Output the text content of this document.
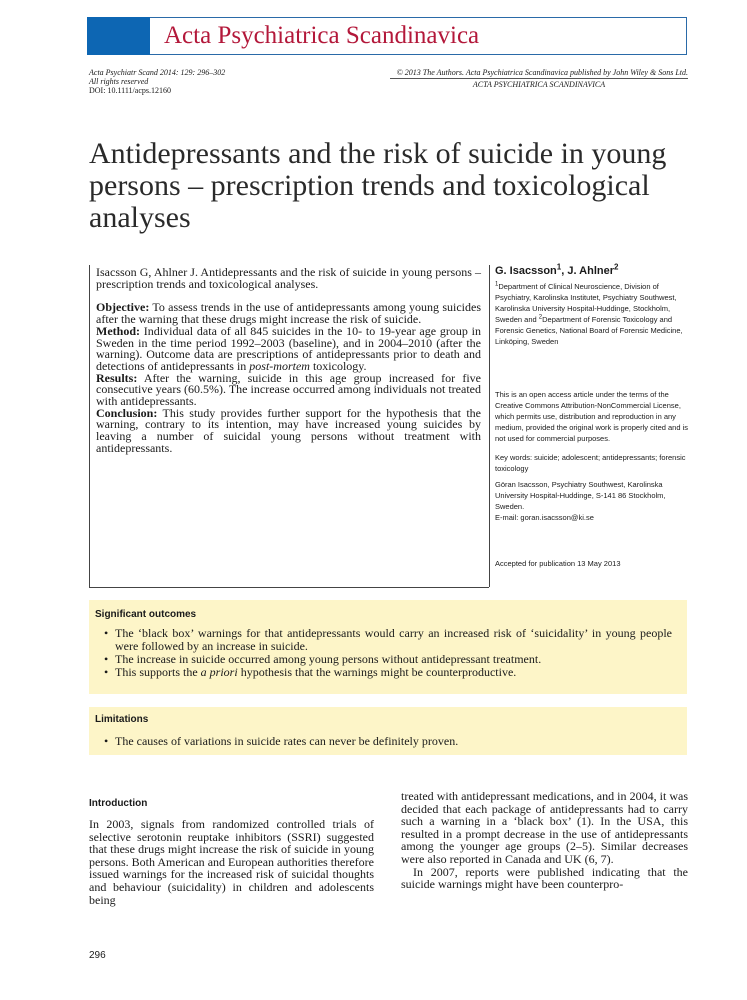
Acta Psychiatrica Scandinavica
Acta Psychiatr Scand 2014: 129: 296–302
All rights reserved
DOI: 10.1111/acps.12160
© 2013 The Authors. Acta Psychiatrica Scandinavica published by John Wiley & Sons Ltd.
ACTA PSYCHIATRICA SCANDINAVICA
Antidepressants and the risk of suicide in young persons – prescription trends and toxicological analyses

Isacsson G, Ahlner J. Antidepressants and the risk of suicide in young persons – prescription trends and toxicological analyses.

Objective: To assess trends in the use of antidepressants among young suicides after the warning that these drugs might increase the risk of suicide.

Method: Individual data of all 845 suicides in the 10- to 19-year age group in Sweden in the time period 1992–2003 (baseline), and in 2004–2010 (after the warning). Outcome data are prescriptions of antidepressants prior to death and detections of antidepressants in post-mortem toxicology.

Results: After the warning, suicide in this age group increased for five consecutive years (60.5%). The increase occurred among individuals not treated with antidepressants.

Conclusion: This study provides further support for the hypothesis that the warning, contrary to its intention, may have increased young suicides by leaving a number of suicidal young persons without treatment with antidepressants.

G. Isacsson$^1$, J. Ahlner$^2$

$^1$Department of Clinical Neuroscience, Division of Psychiatry, Karolinska Institutet, Psychiatry Southwest, Karolinska University Hospital-Huddinge, Stockholm, Sweden and $^2$Department of Forensic Toxicology and Forensic Genetics, National Board of Forensic Medicine, Linköping, Sweden

This is an open access article under the terms of the Creative Commons Attribution-NonCommercial License, which permits use, distribution and reproduction in any medium, provided the original work is properly cited and is not used for commercial purposes.

Key words: suicide; adolescent; antidepressants; forensic toxicology

Göran Isacsson, Psychiatry Southwest, Karolinska University Hospital-Huddinge, S-141 86 Stockholm, Sweden.

E-mail: goran.isacsson@ki.se

Accepted for publication 13 May 2013

Significant outcomes
• The ‘black box’ warnings for that antidepressants would carry an increased risk of ‘suicidality’ in young people were followed by an increase in suicide.
• The increase in suicide occurred among young persons without antidepressant treatment.
• This supports the a priori hypothesis that the warnings might be counterproductive.
Limitations
• The causes of variations in suicide rates can never be definitely proven.
Introduction

In 2003, signals from randomized controlled trials of selective serotonin reuptake inhibitors (SSRI) suggested that these drugs might increase the risk of suicide in young persons. Both American and European authorities therefore issued warnings for the increased risk of suicidal thoughts and behaviour (suicidality) in children and adolescents being

treated with antidepressant medications, and in 2004, it was decided that each package of antidepressants had to carry such a warning in a ‘black box’ (1). In the USA, this resulted in a prompt decrease in the use of antidepressants among the younger age groups (2–5). Similar decreases were also reported in Canada and UK (6, 7).

In 2007, reports were published indicating that the suicide warnings might have been counterpro-

296
